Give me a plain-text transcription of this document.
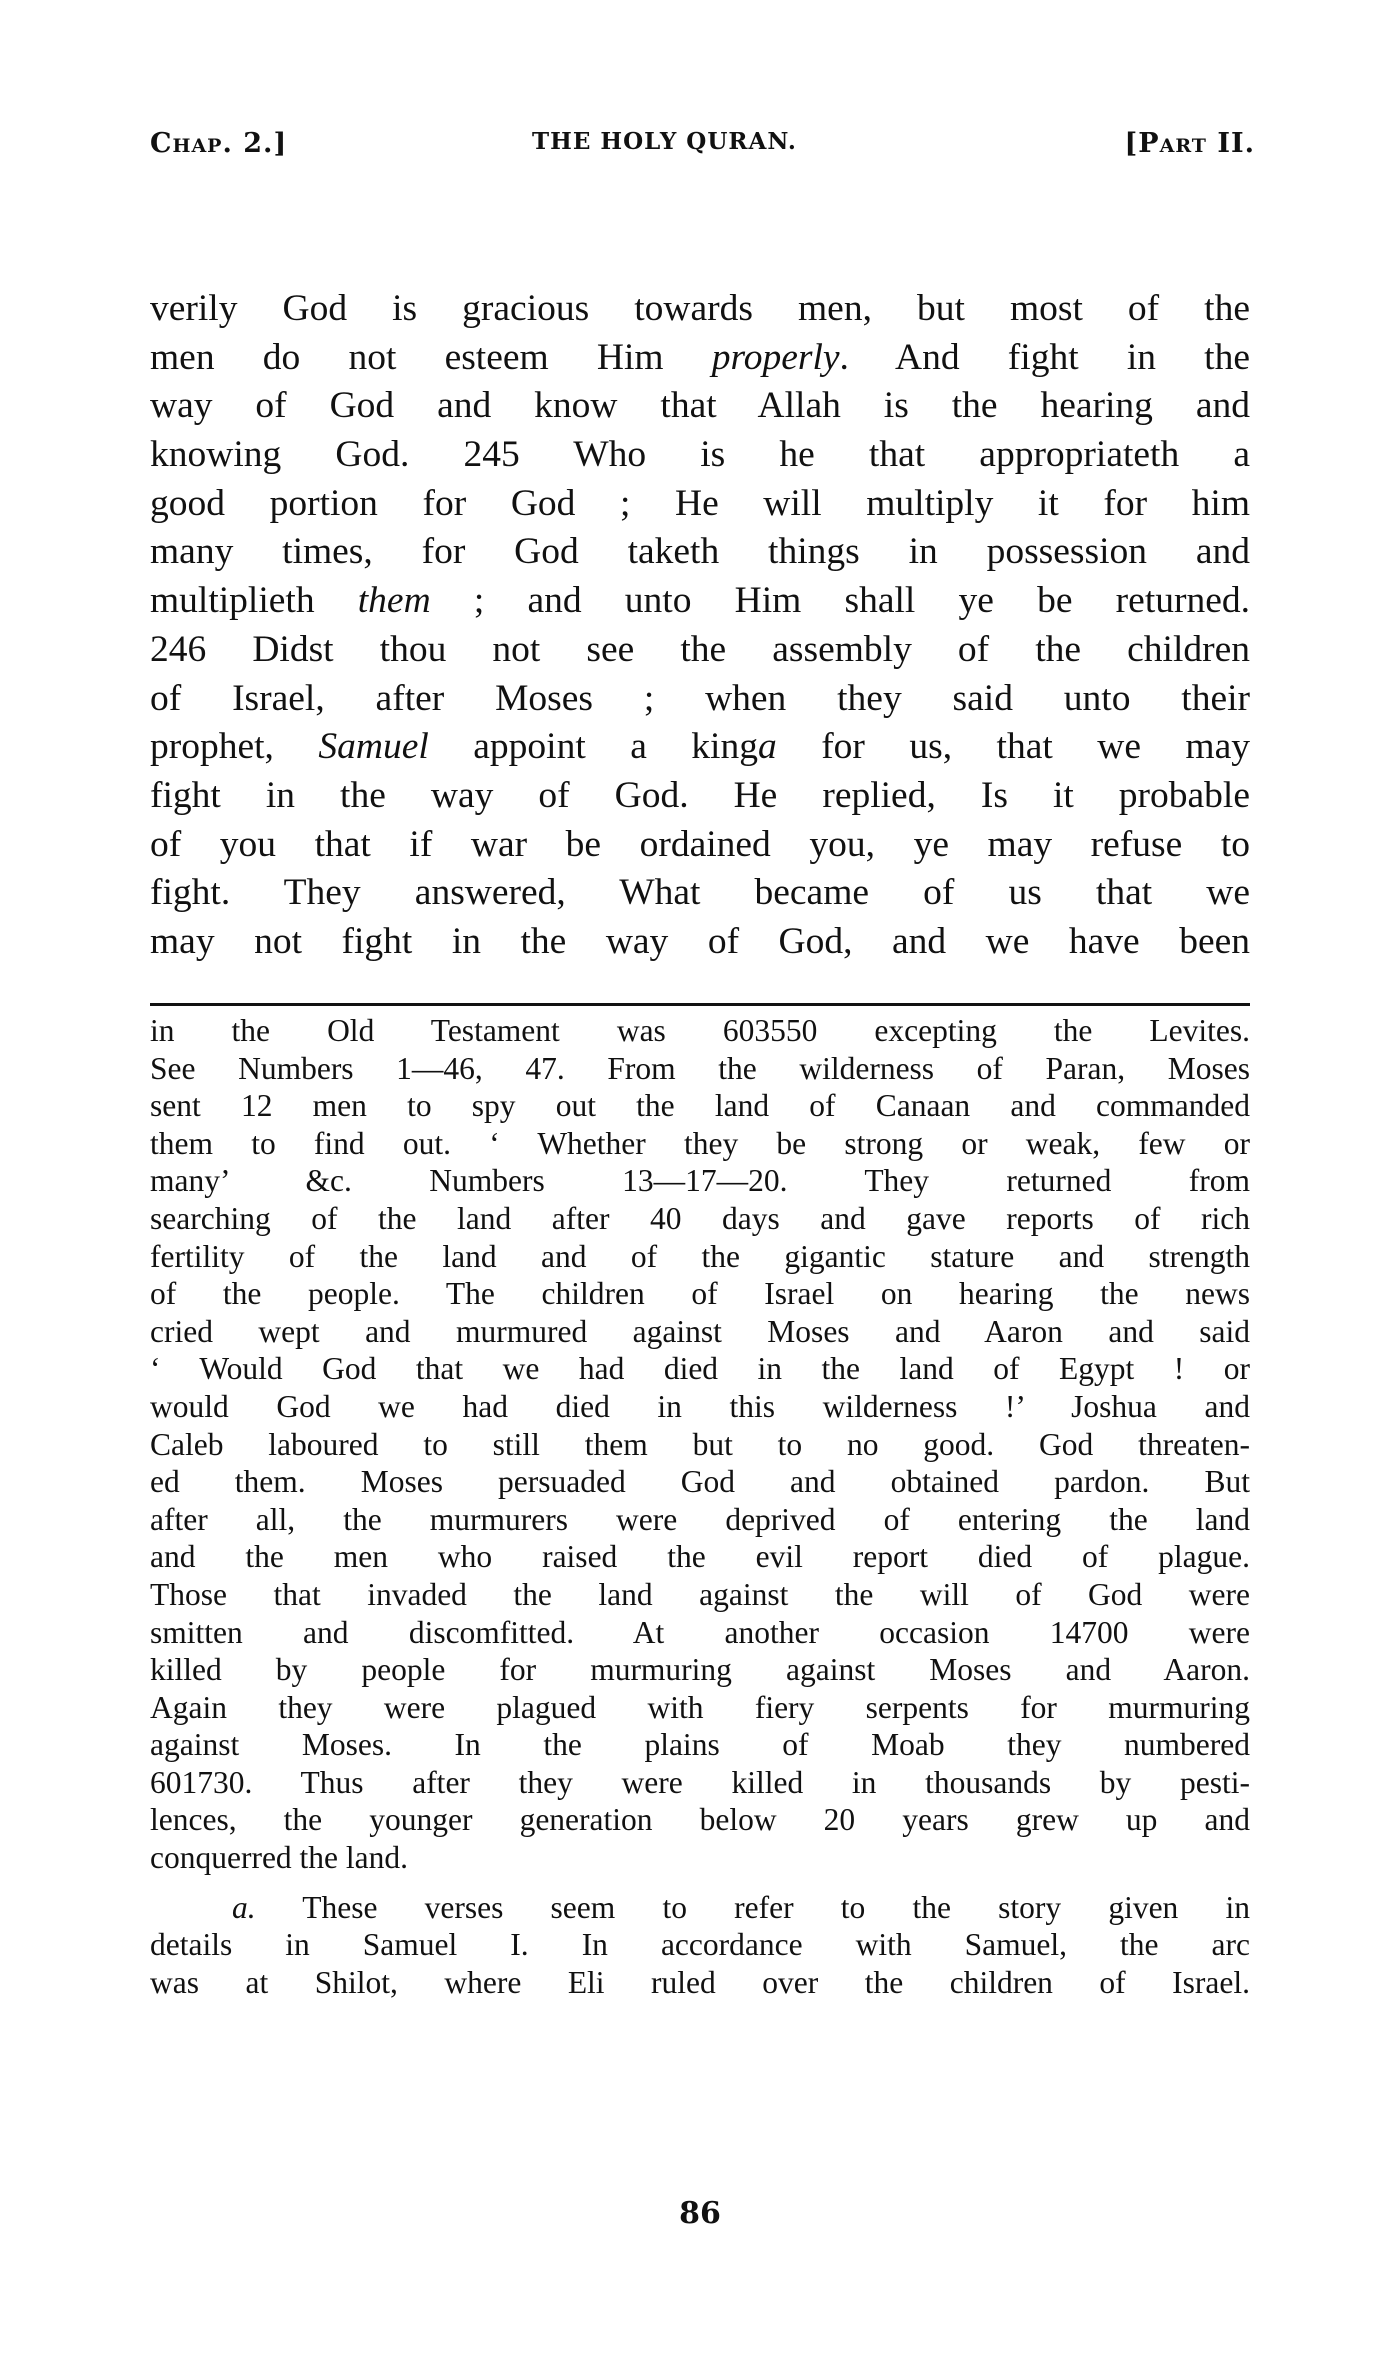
Chap. 2.]	THE HOLY QURAN.	[Part II.
verily God is gracious towards men, but most of the
men do not esteem Him properly. And fight in the
way of God and know that Allah is the hearing and
knowing God. 245 Who is he that appropriateth a
good portion for God ; He will multiply it for him
many times, for God taketh things in possession and
multiplieth them ; and unto Him shall ye be returned.
246 Didst thou not see the assembly of the children
of Israel, after Moses ; when they said unto their
prophet, Samuel appoint a kinga for us, that we may
fight in the way of God. He replied, Is it probable
of you that if war be ordained you, ye may refuse to
fight. They answered, What became of us that we
may not fight in the way of God, and we have been
in the Old Testament was 603550 excepting the Levites.
See Numbers 1—46, 47. From the wilderness of Paran, Moses
sent 12 men to spy out the land of Canaan and commanded
them to find out. ‘ Whether they be strong or weak, few or
many’ &c. Numbers 13—17—20. They returned from
searching of the land after 40 days and gave reports of rich
fertility of the land and of the gigantic stature and strength
of the people. The children of Israel on hearing the news
cried wept and murmured against Moses and Aaron and said
‘ Would God that we had died in the land of Egypt ! or
would God we had died in this wilderness !’ Joshua and
Caleb laboured to still them but to no good. God threaten-
ed them. Moses persuaded God and obtained pardon. But
after all, the murmurers were deprived of entering the land
and the men who raised the evil report died of plague.
Those that invaded the land against the will of God were
smitten and discomfitted. At another occasion 14700 were
killed by people for murmuring against Moses and Aaron.
Again they were plagued with fiery serpents for murmuring
against Moses. In the plains of Moab they numbered
601730. Thus after they were killed in thousands by pesti-
lences, the younger generation below 20 years grew up and
conquerred the land.
a. These verses seem to refer to the story given in
details in Samuel I. In accordance with Samuel, the arc
was at Shilot, where Eli ruled over the children of Israel.
86
